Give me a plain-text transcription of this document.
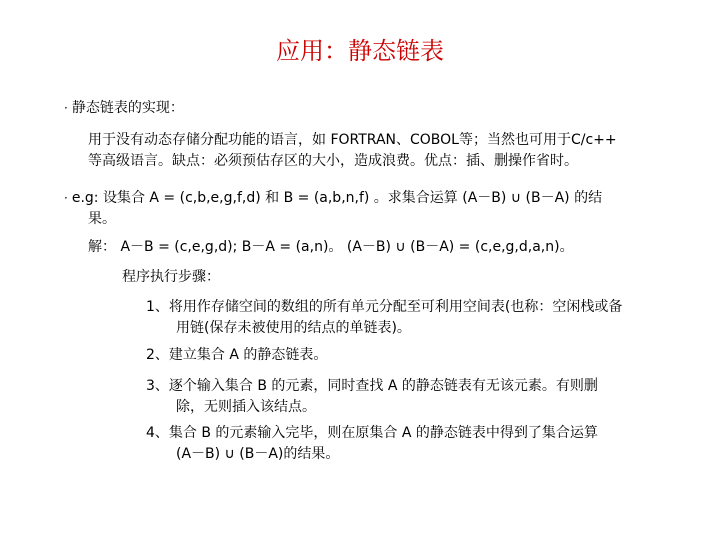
应用：静态链表
· 静态链表的实现：
用于没有动态存储分配功能的语言，如 FORTRAN、COBOL等；当然也可用于C/c++
等高级语言。缺点：必须预估存区的大小，造成浪费。优点：插、删操作省时。
· e.g: 设集合 A = (c,b,e,g,f,d) 和 B = (a,b,n,f) 。求集合运算 (A－B) ∪ (B－A) 的结
果。
解： A－B = (c,e,g,d); B－A = (a,n)。 (A－B) ∪ (B－A) = (c,e,g,d,a,n)。
程序执行步骤：
1、将用作存储空间的数组的所有单元分配至可利用空间表(也称：空闲栈或备
用链(保存未被使用的结点的单链表)。
2、建立集合 A 的静态链表。
3、逐个输入集合 B 的元素，同时查找 A 的静态链表有无该元素。有则删
除，无则插入该结点。
4、集合 B 的元素输入完毕，则在原集合 A 的静态链表中得到了集合运算
(A－B) ∪ (B－A)的结果。
